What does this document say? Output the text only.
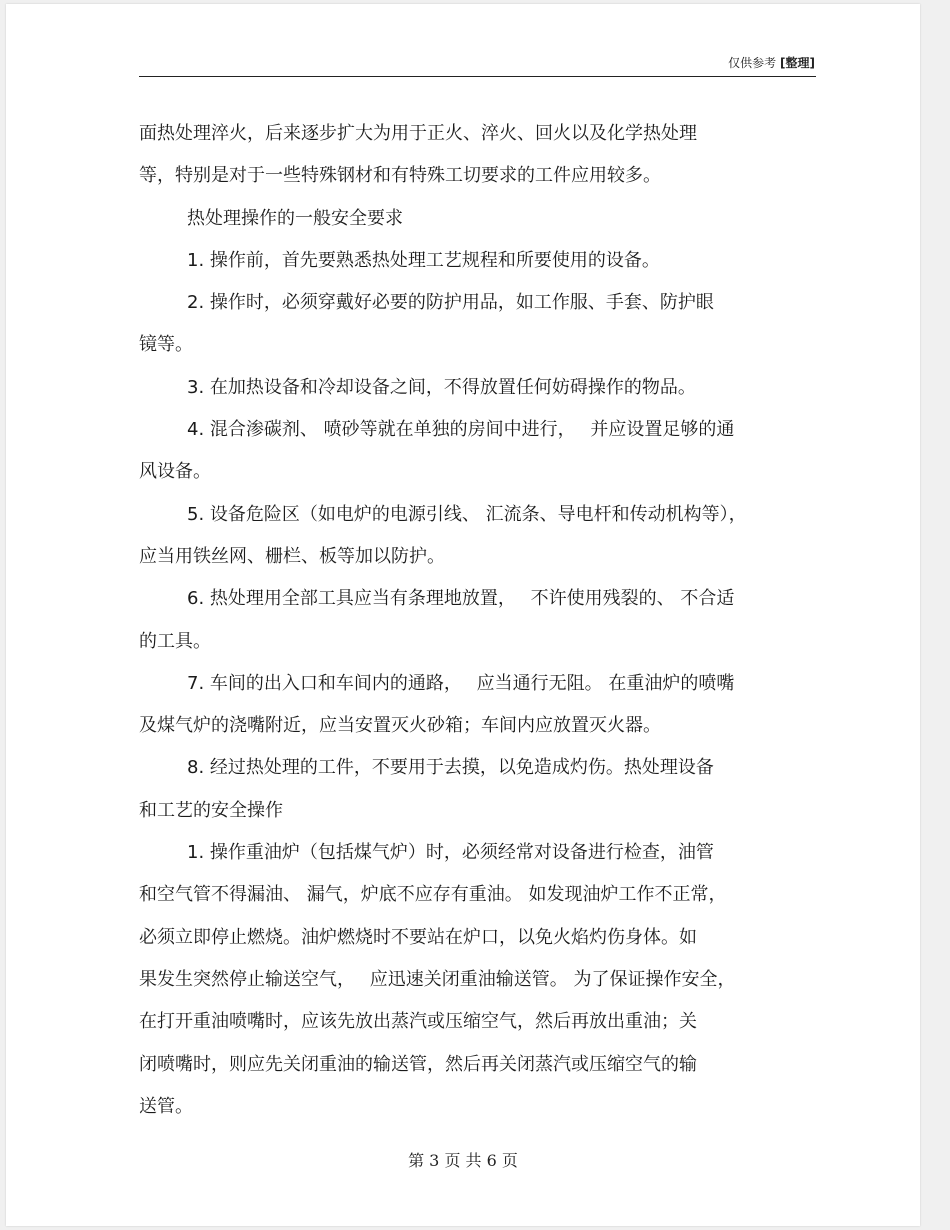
仅供参考 [整理]
面热处理淬火，后来逐步扩大为用于正火、淬火、回火以及化学热处理
等，特别是对于一些特殊钢材和有特殊工切要求的工件应用较多。
热处理操作的一般安全要求
1. 操作前，首先要熟悉热处理工艺规程和所要使用的设备。
2. 操作时，必须穿戴好必要的防护用品，如工作服、手套、防护眼
镜等。
3. 在加热设备和冷却设备之间，不得放置任何妨碍操作的物品。
4. 混合渗碳剂、 喷砂等就在单独的房间中进行，　 并应设置足够的通
风设备。
5. 设备危险区（如电炉的电源引线、 汇流条、导电杆和传动机构等），
应当用铁丝网、栅栏、板等加以防护。
6. 热处理用全部工具应当有条理地放置，　 不许使用残裂的、 不合适
的工具。
7. 车间的出入口和车间内的通路，　 应当通行无阻。 在重油炉的喷嘴
及煤气炉的浇嘴附近，应当安置灭火砂箱；车间内应放置灭火器。
8. 经过热处理的工件，不要用于去摸，以免造成灼伤。热处理设备
和工艺的安全操作
1. 操作重油炉（包括煤气炉）时，必须经常对设备进行检查，油管
和空气管不得漏油、 漏气，炉底不应存有重油。 如发现油炉工作不正常，
必须立即停止燃烧。油炉燃烧时不要站在炉口，以免火焰灼伤身体。如
果发生突然停止输送空气，　 应迅速关闭重油输送管。 为了保证操作安全，
在打开重油喷嘴时，应该先放出蒸汽或压缩空气，然后再放出重油；关
闭喷嘴时，则应先关闭重油的输送管，然后再关闭蒸汽或压缩空气的输
送管。
第 3 页 共 6 页
